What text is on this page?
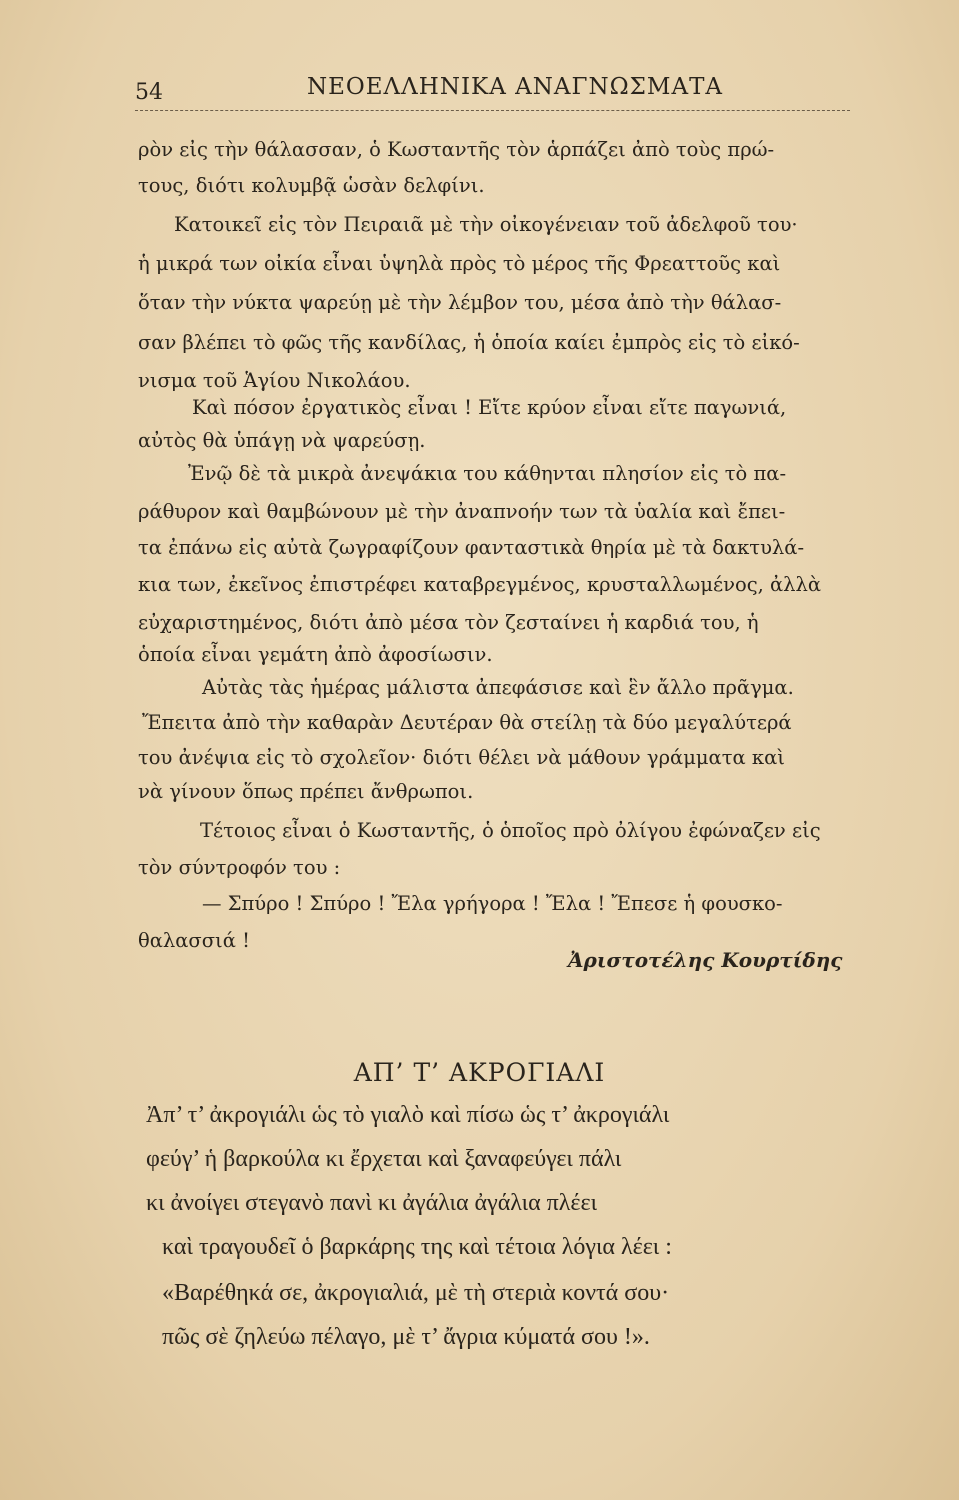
54	ΝΕΟΕΛΛΗΝΙΚΑ ΑΝΑΓΝΩΣΜΑΤΑ
ρὸν εἰς τὴν θάλασσαν, ὁ Κωσταντῆς τὸν ἁρπάζει ἀπὸ τοὺς πρώ-
τους, διότι κολυμβᾷ ὡσὰν δελφίνι.
Κατοικεῖ εἰς τὸν Πειραιᾶ μὲ τὴν οἰκογένειαν τοῦ ἀδελφοῦ του·
ἡ μικρά των οἰκία εἶναι ὑψηλὰ πρὸς τὸ μέρος τῆς Φρεαττοῦς καὶ
ὅταν τὴν νύκτα ψαρεύῃ μὲ τὴν λέμβον του, μέσα ἀπὸ τὴν θάλασ-
σαν βλέπει τὸ φῶς τῆς κανδίλας, ἡ ὁποία καίει ἐμπρὸς εἰς τὸ εἰκό-
νισμα τοῦ Ἁγίου Νικολάου.
Καὶ πόσον ἐργατικὸς εἶναι ! Εἴτε κρύον εἶναι εἴτε παγωνιά,
αὐτὸς θὰ ὑπάγῃ νὰ ψαρεύσῃ.
Ἐνῷ δὲ τὰ μικρὰ ἀνεψάκια του κάθηνται πλησίον εἰς τὸ πα-
ράθυρον καὶ θαμβώνουν μὲ τὴν ἀναπνοήν των τὰ ὑαλία καὶ ἔπει-
τα ἐπάνω εἰς αὐτὰ ζωγραφίζουν φανταστικὰ θηρία μὲ τὰ δακτυλά-
κια των, ἐκεῖνος ἐπιστρέφει καταβρεγμένος, κρυσταλλωμένος, ἀλλὰ
εὐχαριστημένος, διότι ἀπὸ μέσα τὸν ζεσταίνει ἡ καρδιά του, ἡ
ὁποία εἶναι γεμάτη ἀπὸ ἀφοσίωσιν.
Αὐτὰς τὰς ἡμέρας μάλιστα ἀπεφάσισε καὶ ἓν ἄλλο πρᾶγμα.
Ἔπειτα ἀπὸ τὴν καθαρὰν Δευτέραν θὰ στείλῃ τὰ δύο μεγαλύτερά
του ἀνέψια εἰς τὸ σχολεῖον· διότι θέλει νὰ μάθουν γράμματα καὶ
νὰ γίνουν ὅπως πρέπει ἄνθρωποι.
Τέτοιος εἶναι ὁ Κωσταντῆς, ὁ ὁποῖος πρὸ ὀλίγου ἐφώναζεν εἰς
τὸν σύντροφόν του :
— Σπύρο ! Σπύρο ! Ἔλα γρήγορα ! Ἔλα ! Ἔπεσε ἡ φουσκο-
θαλασσιά !
Ἀριστοτέλης Κουρτίδης
ΑΠ’ Τ’ ΑΚΡΟΓΙΑΛΙ
Ἀπ’ τ’ ἀκρογιάλι ὡς τὸ γιαλὸ καὶ πίσω ὡς τ’ ἀκρογιάλι
φεύγ’ ἡ βαρκούλα κι ἔρχεται καὶ ξαναφεύγει πάλι
κι ἀνοίγει στεγανὸ πανὶ κι ἀγάλια ἀγάλια πλέει
καὶ τραγουδεῖ ὁ βαρκάρης της καὶ τέτοια λόγια λέει :
«Βαρέθηκά σε, ἀκρογιαλιά, μὲ τὴ στεριὰ κοντά σου·
πῶς σὲ ζηλεύω πέλαγο, μὲ τ’ ἄγρια κύματά σου !».
